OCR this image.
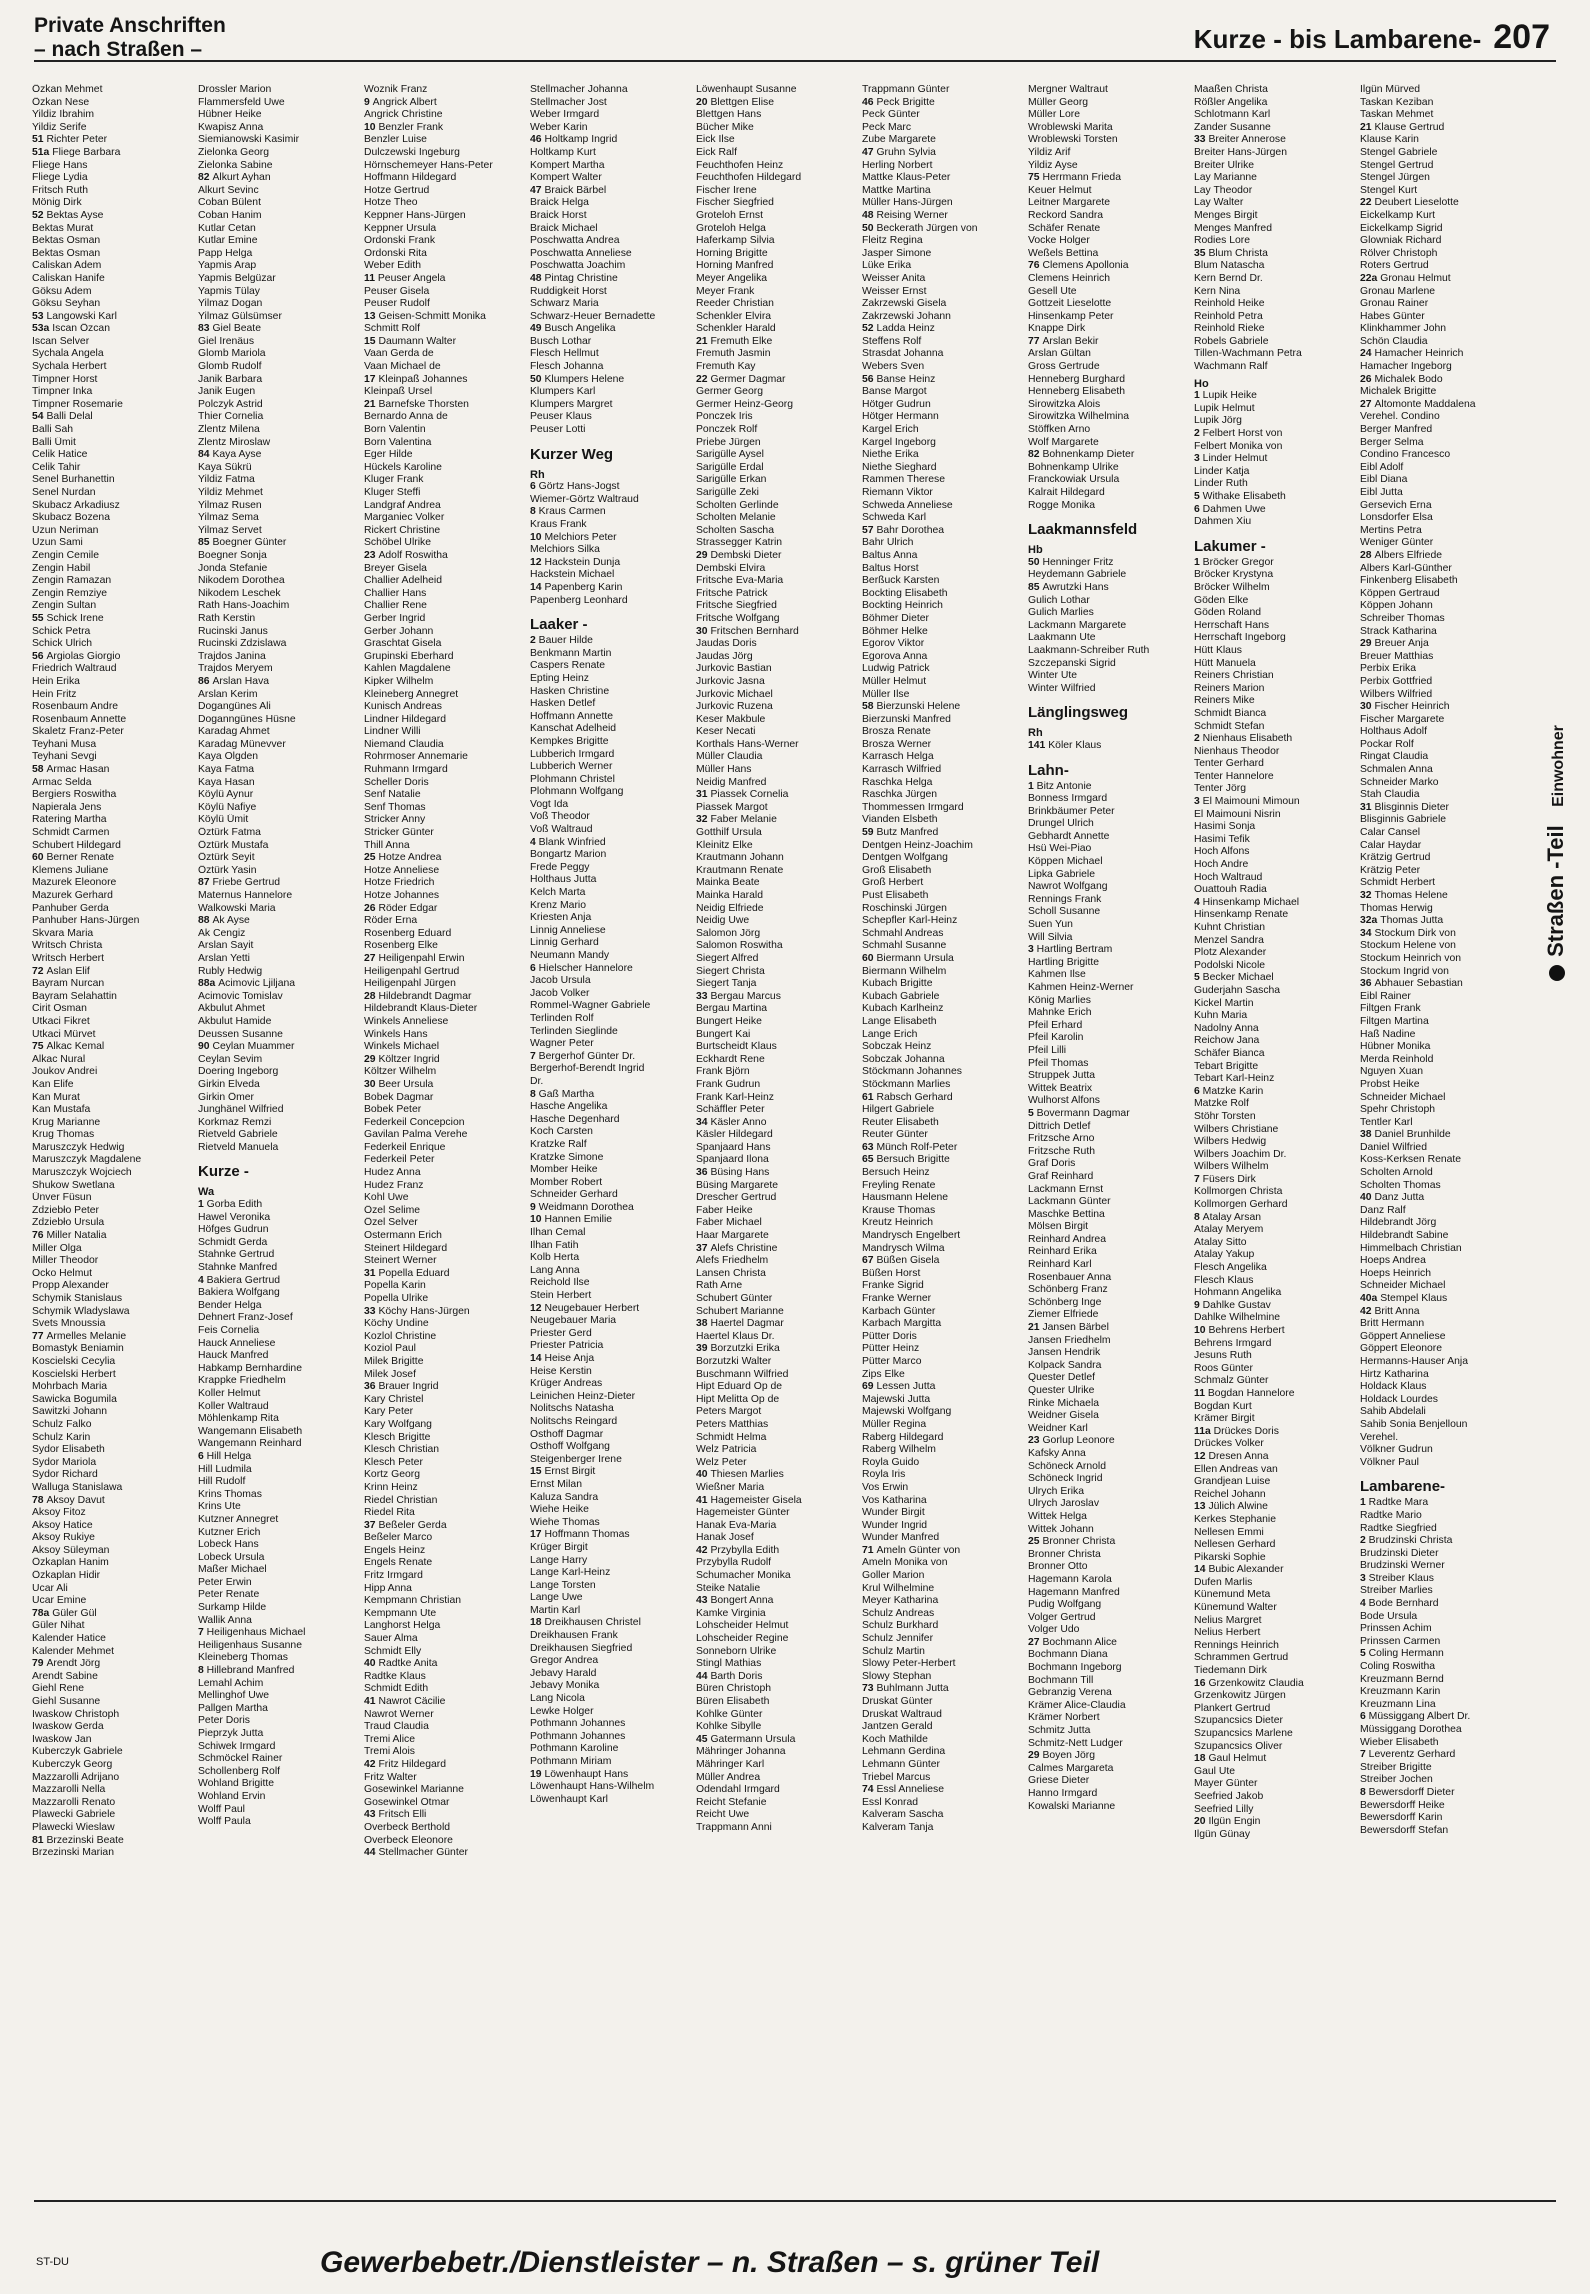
Private Anschriften
– nach Straßen –	Kurze - bis Lambarene- 207
Özkan Mehmet
Özkan Nese
Yildiz Ibrahim
Yildiz Serife
51 Richter Peter
51a Fliege Barbara
Fliege Hans
Fliege Lydia
Fritsch Ruth
Mönig Dirk
52 Bektas Ayse
Bektas Murat
Bektas Osman
Bektas Osman
Caliskan Adem
Caliskan Hanife
Göksu Adem
Göksu Seyhan
53 Langowski Karl
53a Iscan Özcan
Iscan Selver
Sychala Angela
Sychala Herbert
Timpner Horst
Timpner Inka
Timpner Rosemarie
54 Balli Delal
Balli Sah
Balli Ümit
Celik Hatice
Celik Tahir
Senel Burhanettin
Senel Nurdan
Skubacz Arkadiusz
Skubacz Bozena
Uzun Neriman
Uzun Sami
Zengin Cemile
Zengin Habil
Zengin Ramazan
Zengin Remziye
Zengin Sultan
55 Schick Irene
Schick Petra
Schick Ulrich
56 Argiolas Giorgio
Friedrich Waltraud
Hein Erika
Hein Fritz
Rosenbaum Andre
Rosenbaum Annette
Skaletz Franz-Peter
Teyhani Musa
Teyhani Sevgi
58 Armac Hasan
Armac Selda
Bergiers Roswitha
Napierala Jens
Ratering Martha
Schmidt Carmen
Schubert Hildegard
60 Berner Renate
Klemens Juliane
Mazurek Eleonore
Mazurek Gerhard
Panhuber Gerda
Panhuber Hans-Jürgen
Skvara Maria
Writsch Christa
Writsch Herbert
72 Aslan Elif
Bayram Nurcan
Bayram Selahattin
Cirit Osman
Utkaci Fikret
Utkaci Mürvet
75 Alkac Kemal
Alkac Nural
Joukov Andrei
Kan Elife
Kan Murat
Kan Mustafa
Krug Marianne
Krug Thomas
Maruszczyk Hedwig
Maruszczyk Magdalene
Maruszczyk Wojciech
Shukow Swetlana
Ünver Füsun
Zdziebło Peter
Zdziebło Ursula
76 Miller Natalia
Miller Olga
Miller Theodor
Ocko Helmut
Propp Alexander
Schymik Stanislaus
Schymik Wladyslawa
Svets Mnoussia
77 Armelles Melanie
Bomastyk Beniamin
Koscielski Cecylia
Koscielski Herbert
Mohrbach Maria
Sawicka Bogumila
Sawitzki Johann
Schulz Falko
Schulz Karin
Sydor Elisabeth
Sydor Mariola
Sydor Richard
Walluga Stanislawa
78 Aksoy Davut
Aksoy Fitoz
Aksoy Hatice
Aksoy Rukiye
Aksoy Süleyman
Özkaplan Hanim
Özkaplan Hidir
Ucar Ali
Ucar Emine
78a Güler Gül
Güler Nihat
Kalender Hatice
Kalender Mehmet
79 Arendt Jörg
Arendt Sabine
Giehl Rene
Giehl Susanne
Iwaskow Christoph
Iwaskow Gerda
Iwaskow Jan
Kuberczyk Gabriele
Kuberczyk Georg
Mazzarolli Adrijano
Mazzarolli Nella
Mazzarolli Renato
Plawecki Gabriele
Plawecki Wieslaw
81 Brzezinski Beate
Brzezinski Marian
Drossler Marion
Flammersfeld Uwe
Hübner Heike
Kwapisz Anna
Siemianowski Kasimir
Zielonka Georg
Zielonka Sabine
82 Alkurt Ayhan
Alkurt Sevinc
Coban Bülent
Coban Hanim
Kutlar Cetan
Kutlar Emine
Papp Helga
Yapmis Arap
Yapmis Belgüzar
Yapmis Tülay
Yilmaz Dogan
Yilmaz Gülsümser
83 Giel Beate
Giel Irenäus
Glomb Mariola
Glomb Rudolf
Janik Barbara
Janik Eugen
Polczyk Astrid
Thier Cornelia
Zlentz Milena
Zlentz Miroslaw
84 Kaya Ayse
Kaya Sükrü
Yildiz Fatma
Yildiz Mehmet
Yilmaz Rusen
Yilmaz Sema
Yilmaz Servet
85 Boegner Günter
Boegner Sonja
Jonda Stefanie
Nikodem Dorothea
Nikodem Leschek
Rath Hans-Joachim
Rath Kerstin
Rucinski Janus
Rucinski Zdzislawa
Trajdos Janina
Trajdos Meryem
86 Arslan Hava
Arslan Kerim
Dogangünes Ali
Doganngünes Hüsne
Karadag Ahmet
Karadag Münevver
Kaya Olgden
Kaya Fatma
Kaya Hasan
Köylü Aynur
Köylü Nafiye
Köylü Ümit
Öztürk Fatma
Öztürk Mustafa
Öztürk Seyit
Öztürk Yasin
87 Friebe Gertrud
Maternus Hannelore
Walkowski Maria
88 Ak Ayse
Ak Cengiz
Arslan Sayit
Arslan Yetti
Rubly Hedwig
88a Acimovic Ljiljana
Acimovic Tomislav
Akbulut Ahmet
Akbulut Hamide
Deussen Susanne
90 Ceylan Muammer
Ceylan Sevim
Doering Ingeborg
Girkin Elveda
Girkin Ömer
Junghänel Wilfried
Korkmaz Remzi
Rietveld Gabriele
Rietveld Manuela
Kurze -
Wa
1 Gorba Edith
Hawel Veronika
Höfges Gudrun
Schmidt Gerda
Stahnke Gertrud
Stahnke Manfred
4 Bakiera Gertrud
Bakiera Wolfgang
Bender Helga
Dehnert Franz-Josef
Feis Cornelia
Hauck Anneliese
Hauck Manfred
Habkamp Bernhardine
Krappke Friedhelm
Koller Helmut
Koller Waltraud
Möhlenkamp Rita
Wangemann Elisabeth
Wangemann Reinhard
6 Hill Helga
Hill Ludmila
Hill Rudolf
Krins Thomas
Krins Ute
Kutzner Annegret
Kutzner Erich
Lobeck Hans
Lobeck Ursula
Maßer Michael
Peter Erwin
Peter Renate
Surkamp Hilde
Wallik Anna
7 Heiligenhaus Michael
Heiligenhaus Susanne
Kleineberg Thomas
8 Hillebrand Manfred
Lemahl Achim
Mellinghof Uwe
Pallgen Martha
Peter Doris
Pieprzyk Jutta
Schiwek Irmgard
Schmöckel Rainer
Schollenberg Rolf
Wohland Brigitte
Wohland Ervin
Wolff Paul
Wolff Paula
Woznik Franz
9 Angrick Albert
Angrick Christine
10 Benzler Frank
Benzler Luise
Dulczewski Ingeburg
Hörnschemeyer Hans-Peter
Hoffmann Hildegard
Hotze Gertrud
Hotze Theo
Keppner Hans-Jürgen
Keppner Ursula
Ordonski Frank
Ordonski Rita
Weber Edith
11 Peuser Angela
Peuser Gisela
Peuser Rudolf
13 Geisen-Schmitt Monika
Schmitt Rolf
15 Daumann Walter
Vaan Gerda de
Vaan Michael de
17 Kleinpaß Johannes
Kleinpaß Ursel
21 Barnefske Thorsten
Bernardo Anna de
Born Valentin
Born Valentina
Eger Hilde
Hückels Karoline
Kluger Frank
Kluger Steffi
Landgraf Andrea
Marganiec Volker
Rickert Christine
Schöbel Ulrike
23 Adolf Roswitha
Breyer Gisela
Challier Adelheid
Challier Hans
Challier Rene
Gerber Ingrid
Gerber Johann
Graschtat Gisela
Grupinski Eberhard
Kahlen Magdalene
Kipker Wilhelm
Kleineberg Annegret
Kunisch Andreas
Lindner Hildegard
Lindner Willi
Niemand Claudia
Rohrmoser Annemarie
Ruhmann Irmgard
Scheller Doris
Senf Natalie
Senf Thomas
Stricker Anny
Stricker Günter
Thill Anna
25 Hotze Andrea
Hotze Anneliese
Hotze Friedrich
Hotze Johannes
26 Röder Edgar
Röder Erna
Rosenberg Eduard
Rosenberg Elke
27 Heiligenpahl Erwin
Heiligenpahl Gertrud
Heiligenpahl Jürgen
28 Hildebrandt Dagmar
Hildebrandt Klaus-Dieter
Winkels Anneliese
Winkels Hans
Winkels Michael
29 Költzer Ingrid
Költzer Wilhelm
30 Beer Ursula
Bobek Dagmar
Bobek Peter
Federkeil Concepcion
Gavilan Palma Verehe
Federkeil Enrique
Federkeil Peter
Hudez Anna
Hudez Franz
Kohl Uwe
Özel Selime
Özel Selver
Ostermann Erich
Steinert Hildegard
Steinert Werner
31 Popella Eduard
Popella Karin
Popella Ulrike
33 Köchy Hans-Jürgen
Köchy Undine
Kozlol Christine
Koziol Paul
Milek Brigitte
Milek Josef
36 Brauer Ingrid
Kary Christel
Kary Peter
Kary Wolfgang
Klesch Brigitte
Klesch Christian
Klesch Peter
Kortz Georg
Krinn Heinz
Riedel Christian
Riedel Rita
37 Beßeler Gerda
Beßeler Marco
Engels Heinz
Engels Renate
Fritz Irmgard
Hipp Anna
Kempmann Christian
Kempmann Ute
Langhorst Helga
Sauer Alma
Schmidt Elly
40 Radtke Anita
Radtke Klaus
Schmidt Edith
41 Nawrot Cäcilie
Nawrot Werner
Traud Claudia
Tremi Alice
Tremi Alois
42 Fritz Hildegard
Fritz Walter
Gosewinkel Marianne
Gosewinkel Otmar
43 Fritsch Elli
Overbeck Berthold
Overbeck Eleonore
44 Stellmacher Günter
Stellmacher Johanna
Stellmacher Jost
Weber Irmgard
Weber Karin
46 Holtkamp Ingrid
Holtkamp Kurt
Kompert Martha
Kompert Walter
47 Braick Bärbel
Braick Helga
Braick Horst
Braick Michael
Poschwatta Andrea
Poschwatta Anneliese
Poschwatta Joachim
48 Pintag Christine
Ruddigkeit Horst
Schwarz Maria
Schwarz-Heuer Bernadette
49 Busch Angelika
Busch Lothar
Flesch Hellmut
Flesch Johanna
50 Klumpers Helene
Klumpers Karl
Klumpers Margret
Peuser Klaus
Peuser Lotti
Kurzer Weg
Rh
6 Görtz Hans-Jogst
Wiemer-Görtz Waltraud
8 Kraus Carmen
Kraus Frank
10 Melchiors Peter
Melchiors Silka
12 Hackstein Dunja
Hackstein Michael
14 Papenberg Karin
Papenberg Leonhard
Laaker -
2 Bauer Hilde
Benkmann Martin
Caspers Renate
Epting Heinz
Hasken Christine
Hasken Detlef
Hoffmann Annette
Kanschat Adelheid
Kempkes Brigitte
Lubberich Irmgard
Lubberich Werner
Plohmann Christel
Plohmann Wolfgang
Vogt Ida
Voß Theodor
Voß Waltraud
4 Blank Winfried
Bongartz Marion
Frede Peggy
Holthaus Jutta
Kelch Marta
Krenz Mario
Kriesten Anja
Linnig Anneliese
Linnig Gerhard
Neumann Mandy
6 Hielscher Hannelore
Jacob Ursula
Jacob Volker
Rommel-Wagner Gabriele
Terlinden Rolf
Terlinden Sieglinde
Wagner Peter
7 Bergerhof Günter Dr.
Bergerhof-Berendt Ingrid
Dr.
8 Gaß Martha
Hasche Angelika
Hasche Degenhard
Koch Carsten
Kratzke Ralf
Kratzke Simone
Momber Heike
Momber Robert
Schneider Gerhard
9 Weidmann Dorothea
10 Hannen Emilie
Ilhan Cemal
Ilhan Fatih
Kolb Herta
Lang Anna
Reichold Ilse
Stein Herbert
12 Neugebauer Herbert
Neugebauer Maria
Priester Gerd
Priester Patricia
14 Heise Anja
Heise Kerstin
Krüger Andreas
Leinichen Heinz-Dieter
Nolitschs Natasha
Nolitschs Reingard
Osthoff Dagmar
Osthoff Wolfgang
Steigenberger Irene
15 Ernst Birgit
Ernst Milan
Kaluza Sandra
Wiehe Heike
Wiehe Thomas
17 Hoffmann Thomas
Krüger Birgit
Lange Harry
Lange Karl-Heinz
Lange Torsten
Lange Uwe
Martin Karl
18 Dreikhausen Christel
Dreikhausen Frank
Dreikhausen Siegfried
Gregor Andrea
Jebavy Harald
Jebavy Monika
Lang Nicola
Lewke Holger
Pothmann Johannes
Pothmann Johannes
Pothmann Karoline
Pothmann Miriam
19 Löwenhaupt Hans
Löwenhaupt Hans-Wilhelm
Löwenhaupt Karl
Löwenhaupt Susanne
20 Blettgen Elise
Blettgen Hans
Bücher Mike
Eick Ilse
Eick Ralf
Feuchthofen Heinz
Feuchthofen Hildegard
Fischer Irene
Fischer Siegfried
Groteloh Ernst
Groteloh Helga
Haferkamp Silvia
Horning Brigitte
Horning Manfred
Meyer Angelika
Meyer Frank
Reeder Christian
Schenkler Elvira
Schenkler Harald
21 Fremuth Elke
Fremuth Jasmin
Fremuth Kay
22 Germer Dagmar
Germer Georg
Germer Heinz-Georg
Ponczek Iris
Ponczek Rolf
Priebe Jürgen
Sarigülle Aysel
Sarigülle Erdal
Sarigülle Erkan
Sarigülle Zeki
Scholten Gerlinde
Scholten Melanie
Scholten Sascha
Strassegger Katrin
29 Dembski Dieter
Dembski Elvira
Fritsche Eva-Maria
Fritsche Patrick
Fritsche Siegfried
Fritsche Wolfgang
30 Fritschen Bernhard
Jaudas Doris
Jaudas Jörg
Jurkovic Bastian
Jurkovic Jasna
Jurkovic Michael
Jurkovic Ruzena
Keser Makbule
Keser Necati
Korthals Hans-Werner
Müller Claudia
Müller Hans
Neidig Manfred
31 Piassek Cornelia
Piassek Margot
32 Faber Melanie
Gotthilf Ursula
Kleinitz Elke
Krautmann Johann
Krautmann Renate
Mainka Beate
Mainka Harald
Neidig Elfriede
Neidig Uwe
Salomon Jörg
Salomon Roswitha
Siegert Alfred
Siegert Christa
Siegert Tanja
33 Bergau Marcus
Bergau Martina
Bungert Heike
Bungert Kai
Burtscheidt Klaus
Eckhardt Rene
Frank Björn
Frank Gudrun
Frank Karl-Heinz
Schäffler Peter
34 Käsler Anno
Käsler Hildegard
Spanjaard Hans
Spanjaard Ilona
36 Büsing Hans
Büsing Margarete
Drescher Gertrud
Faber Heike
Faber Michael
Haar Margarete
37 Alefs Christine
Alefs Friedhelm
Lansen Christa
Rath Arne
Schubert Günter
Schubert Marianne
38 Haertel Dagmar
Haertel Klaus Dr.
39 Borzutzki Erika
Borzutzki Walter
Buschmann Wilfried
Hipt Eduard Op de
Hipt Melitta Op de
Peters Margot
Peters Matthias
Schmidt Helma
Welz Patricia
Welz Peter
40 Thiesen Marlies
Wießner Maria
41 Hagemeister Gisela
Hagemeister Günter
Hanak Eva-Maria
Hanak Josef
42 Przybylla Edith
Przybylla Rudolf
Schumacher Monika
Steike Natalie
43 Bongert Anna
Kamke Virginia
Lohscheider Helmut
Lohscheider Regine
Sonneborn Ulrike
Stingl Mathias
44 Barth Doris
Büren Christoph
Büren Elisabeth
Kohlke Günter
Kohlke Sibylle
45 Gatermann Ursula
Mähringer Johanna
Mähringer Karl
Müller Andrea
Odendahl Irmgard
Reicht Stefanie
Reicht Uwe
Trappmann Anni
Trappmann Günter
46 Peck Brigitte
Peck Günter
Peck Marc
Zube Margarete
47 Gruhn Sylvia
Herling Norbert
Mattke Klaus-Peter
Mattke Martina
Müller Hans-Jürgen
48 Reising Werner
50 Beckerath Jürgen von
Fleitz Regina
Jasper Simone
Lüke Erika
Weisser Anita
Weisser Ernst
Zakrzewski Gisela
Zakrzewski Johann
52 Ladda Heinz
Steffens Rolf
Strasdat Johanna
Webers Sven
56 Banse Heinz
Banse Margot
Hötger Gudrun
Hötger Hermann
Kargel Erich
Kargel Ingeborg
Niethe Erika
Niethe Sieghard
Rammen Therese
Riemann Viktor
Schweda Anneliese
Schweda Karl
57 Bahr Dorothea
Bahr Ulrich
Baltus Anna
Baltus Horst
Berßuck Karsten
Bockting Elisabeth
Bockting Heinrich
Böhmer Dieter
Böhmer Helke
Egorov Viktor
Egorova Anna
Ludwig Patrick
Müller Helmut
Müller Ilse
58 Bierzunski Helene
Bierzunski Manfred
Brosza Renate
Brosza Werner
Karrasch Helga
Karrasch Wilfried
Raschka Helga
Raschka Jürgen
Thommessen Irmgard
Vianden Elsbeth
59 Butz Manfred
Dentgen Heinz-Joachim
Dentgen Wolfgang
Groß Elisabeth
Groß Herbert
Pust Elisabeth
Roschinski Jürgen
Schepfler Karl-Heinz
Schmahl Andreas
Schmahl Susanne
60 Biermann Ursula
Biermann Wilhelm
Kubach Brigitte
Kubach Gabriele
Kubach Karlheinz
Lange Elisabeth
Lange Erich
Sobczak Heinz
Sobczak Johanna
Stöckmann Johannes
Stöckmann Marlies
61 Rabsch Gerhard
Hilgert Gabriele
Reuter Elisabeth
Reuter Günter
63 Münch Rolf-Peter
65 Bersuch Brigitte
Bersuch Heinz
Freyling Renate
Hausmann Helene
Krause Thomas
Kreutz Heinrich
Mandrysch Engelbert
Mandrysch Wilma
67 Büßen Gisela
Büßen Horst
Franke Sigrid
Franke Werner
Karbach Günter
Karbach Margitta
Pütter Doris
Pütter Heinz
Pütter Marco
Zips Elke
69 Lessen Jutta
Majewski Jutta
Majewski Wolfgang
Müller Regina
Raberg Hildegard
Raberg Wilhelm
Royla Guido
Royla Iris
Vos Erwin
Vos Katharina
Wunder Birgit
Wunder Ingrid
Wunder Manfred
71 Ameln Günter von
Ameln Monika von
Goller Marion
Krul Wilhelmine
Meyer Katharina
Schulz Andreas
Schulz Burkhard
Schulz Jennifer
Schulz Martin
Slowy Peter-Herbert
Slowy Stephan
73 Buhlmann Jutta
Druskat Günter
Druskat Waltraud
Jantzen Gerald
Koch Mathilde
Lehmann Gerdina
Lehmann Günter
Triebel Marcus
74 Essl Anneliese
Essl Konrad
Kalveram Sascha
Kalveram Tanja
Mergner Waltraut
Müller Georg
Müller Lore
Wroblewski Marita
Wroblewski Torsten
Yildiz Arif
Yildiz Ayse
75 Herrmann Frieda
Keuer Helmut
Leitner Margarete
Reckord Sandra
Schäfer Renate
Vocke Holger
Weßels Bettina
76 Clemens Apollonia
Clemens Heinrich
Gesell Ute
Gottzeit Lieselotte
Hinsenkamp Peter
Knappe Dirk
77 Arslan Bekir
Arslan Gültan
Gross Gertrude
Henneberg Burghard
Henneberg Elisabeth
Sirowitzka Alois
Sirowitzka Wilhelmina
Stöffken Arno
Wolf Margarete
82 Bohnenkamp Dieter
Bohnenkamp Ulrike
Franckowiak Ursula
Kalrait Hildegard
Rogge Monika
Laakmannsfeld
Hb
50 Henninger Fritz
Heydemann Gabriele
85 Awrutzki Hans
Gulich Lothar
Gulich Marlies
Lackmann Margarete
Laakmann Ute
Laakmann-Schreiber Ruth
Szczepanski Sigrid
Winter Ute
Winter Wilfried
Länglingsweg
Rh
141 Köler Klaus
Lahn-
1 Bitz Antonie
Bonness Irmgard
Brinkbäumer Peter
Drungel Ulrich
Gebhardt Annette
Hsü Wei-Piao
Köppen Michael
Lipka Gabriele
Nawrot Wolfgang
Rennings Frank
Scholl Susanne
Suen Yun
Will Silvia
3 Hartling Bertram
Hartling Brigitte
Kahmen Ilse
Kahmen Heinz-Werner
König Marlies
Mahnke Erich
Pfeil Erhard
Pfeil Karolin
Pfeil Lilli
Pfeil Thomas
Struppek Jutta
Wittek Beatrix
Wulhorst Alfons
5 Bovermann Dagmar
Dittrich Detlef
Fritzsche Arno
Fritzsche Ruth
Graf Doris
Graf Reinhard
Lackmann Ernst
Lackmann Günter
Maschke Bettina
Mölsen Birgit
Reinhard Andrea
Reinhard Erika
Reinhard Karl
Rosenbauer Anna
Schönberg Franz
Schönberg Inge
Ziemer Elfriede
21 Jansen Bärbel
Jansen Friedhelm
Jansen Hendrik
Kolpack Sandra
Quester Detlef
Quester Ulrike
Rinke Michaela
Weidner Gisela
Weidner Karl
23 Gorlup Leonore
Kafsky Anna
Schöneck Arnold
Schöneck Ingrid
Ulrych Erika
Ulrych Jaroslav
Wittek Helga
Wittek Johann
25 Bronner Christa
Bronner Christa
Bronner Otto
Hagemann Karola
Hagemann Manfred
Pudig Wolfgang
Volger Gertrud
Volger Udo
27 Bochmann Alice
Bochmann Diana
Bochmann Ingeborg
Bochmann Till
Gebranzig Verena
Krämer Alice-Claudia
Krämer Norbert
Schmitz Jutta
Schmitz-Nett Ludger
29 Boyen Jörg
Calmes Margareta
Griese Dieter
Hanno Irmgard
Kowalski Marianne
Maaßen Christa
Rößler Angelika
Schlotmann Karl
Zander Susanne
33 Breiter Annerose
Breiter Hans-Jürgen
Breiter Ulrike
Lay Marianne
Lay Theodor
Lay Walter
Menges Birgit
Menges Manfred
Rodies Lore
35 Blum Christa
Blum Natascha
Kern Bernd Dr.
Kern Nina
Reinhold Heike
Reinhold Petra
Reinhold Rieke
Robels Gabriele
Tillen-Wachmann Petra
Wachmann Ralf
Ho
1 Lupik Heike
Lupik Helmut
Lupik Jörg
2 Felbert Horst von
Felbert Monika von
3 Linder Helmut
Linder Katja
Linder Ruth
5 Withake Elisabeth
6 Dahmen Uwe
Dahmen Xiu
Lakumer -
1 Bröcker Gregor
Bröcker Krystyna
Bröcker Wilhelm
Göden Elke
Göden Roland
Herrschaft Hans
Herrschaft Ingeborg
Hütt Klaus
Hütt Manuela
Reiners Christian
Reiners Marion
Reiners Mike
Schmidt Bianca
Schmidt Stefan
2 Nienhaus Elisabeth
Nienhaus Theodor
Tenter Gerhard
Tenter Hannelore
Tenter Jörg
3 El Maimouni Mimoun
El Maimouni Nisrin
Hasimi Sonja
Hasimi Tefik
Hoch Alfons
Hoch Andre
Hoch Waltraud
Ouattouh Radia
4 Hinsenkamp Michael
Hinsenkamp Renate
Kuhnt Christian
Menzel Sandra
Plotz Alexander
Podolski Nicole
5 Becker Michael
Guderjahn Sascha
Kickel Martin
Kuhn Maria
Nadolny Anna
Reichow Jana
Schäfer Bianca
Tebart Brigitte
Tebart Karl-Heinz
6 Matzke Karin
Matzke Rolf
Stöhr Torsten
Wilbers Christiane
Wilbers Hedwig
Wilbers Joachim Dr.
Wilbers Wilhelm
7 Füsers Dirk
Kollmorgen Christa
Kollmorgen Gerhard
8 Atalay Arsan
Atalay Meryem
Atalay Sitto
Atalay Yakup
Flesch Angelika
Flesch Klaus
Hohmann Angelika
9 Dahlke Gustav
Dahlke Wilhelmine
10 Behrens Herbert
Behrens Irmgard
Jesuns Ruth
Roos Günter
Schmalz Günter
11 Bogdan Hannelore
Bogdan Kurt
Krämer Birgit
11a Drückes Doris
Drückes Volker
12 Dresen Anna
Ellen Andreas van
Grandjean Luise
Reichel Johann
13 Jülich Alwine
Kerkes Stephanie
Nellesen Emmi
Nellesen Gerhard
Pikarski Sophie
14 Bubic Alexander
Dufen Marlis
Künemund Meta
Künemund Walter
Nelius Margret
Nelius Herbert
Rennings Heinrich
Schrammen Gertrud
Tiedemann Dirk
16 Grzenkowitz Claudia
Grzenkowitz Jürgen
Plankert Gertrud
Szupancsics Dieter
Szupancsics Marlene
Szupancsics Oliver
18 Gaul Helmut
Gaul Ute
Mayer Günter
Seefried Jakob
Seefried Lilly
20 Ilgün Engin
Ilgün Günay
Ilgün Mürved
Taskan Keziban
Taskan Mehmet
21 Klause Gertrud
Klause Karin
Stengel Gabriele
Stengel Gertrud
Stengel Jürgen
Stengel Kurt
22 Deubert Lieselotte
Eickelkamp Kurt
Eickelkamp Sigrid
Glowniak Richard
Rölver Christoph
Roters Gertrud
22a Gronau Helmut
Gronau Marlene
Gronau Rainer
Habes Günter
Klinkhammer John
Schön Claudia
24 Hamacher Heinrich
Hamacher Ingeborg
26 Michalek Bodo
Michalek Brigitte
27 Altomonte Maddalena
Verehel. Condino
Berger Manfred
Berger Selma
Condino Francesco
Eibl Adolf
Eibl Diana
Eibl Jutta
Gersevich Erna
Lonsdorfer Elsa
Mertins Petra
Weniger Günter
28 Albers Elfriede
Albers Karl-Günther
Finkenberg Elisabeth
Köppen Gertraud
Köppen Johann
Schreiber Thomas
Strack Katharina
29 Breuer Anja
Breuer Matthias
Perbix Erika
Perbix Gottfried
Wilbers Wilfried
30 Fischer Heinrich
Fischer Margarete
Holthaus Adolf
Pockar Rolf
Ringat Claudia
Schmalen Anna
Schneider Marko
Stah Claudia
31 Blisginnis Dieter
Blisginnis Gabriele
Calar Cansel
Calar Haydar
Krätzig Gertrud
Krätzig Peter
Schmidt Herbert
32 Thomas Helene
Thomas Herwig
32a Thomas Jutta
34 Stockum Dirk von
Stockum Helene von
Stockum Heinrich von
Stockum Ingrid von
36 Abhauer Sebastian
Eibl Rainer
Filtgen Frank
Filtgen Martina
Haß Nadine
Hübner Monika
Merda Reinhold
Nguyen Xuan
Probst Heike
Schneider Michael
Spehr Christoph
Tentler Karl
38 Daniel Brunhilde
Daniel Wilfried
Koss-Kerksen Renate
Scholten Arnold
Scholten Thomas
40 Danz Jutta
Danz Ralf
Hildebrandt Jörg
Hildebrandt Sabine
Himmelbach Christian
Hoeps Andrea
Hoeps Heinrich
Schneider Michael
40a Stempel Klaus
42 Britt Anna
Britt Hermann
Göppert Anneliese
Göppert Eleonore
Hermanns-Hauser Anja
Hirtz Katharina
Holdack Klaus
Holdack Lourdes
Sahib Abdelali
Sahib Sonia Benjelloun
Verehel.
Völkner Gudrun
Völkner Paul
Lambarene-
1 Radtke Mara
Radtke Mario
Radtke Siegfried
2 Brudzinski Christa
Brudzinski Dieter
Brudzinski Werner
3 Streiber Klaus
Streiber Marlies
4 Bode Bernhard
Bode Ursula
Prinssen Achim
Prinssen Carmen
5 Coling Hermann
Coling Roswitha
Kreuzmann Bernd
Kreuzmann Karin
Kreuzmann Lina
6 Müssiggang Albert Dr.
Müssiggang Dorothea
Wieber Elisabeth
7 Leverentz Gerhard
Streiber Brigitte
Streiber Jochen
8 Bewersdorff Dieter
Bewersdorff Heike
Bewersdorff Karin
Bewersdorff Stefan
Straßen -Teil   Einwohner
ST-DU	Gewerbebetr./Dienstleister – n. Straßen – s. grüner Teil
